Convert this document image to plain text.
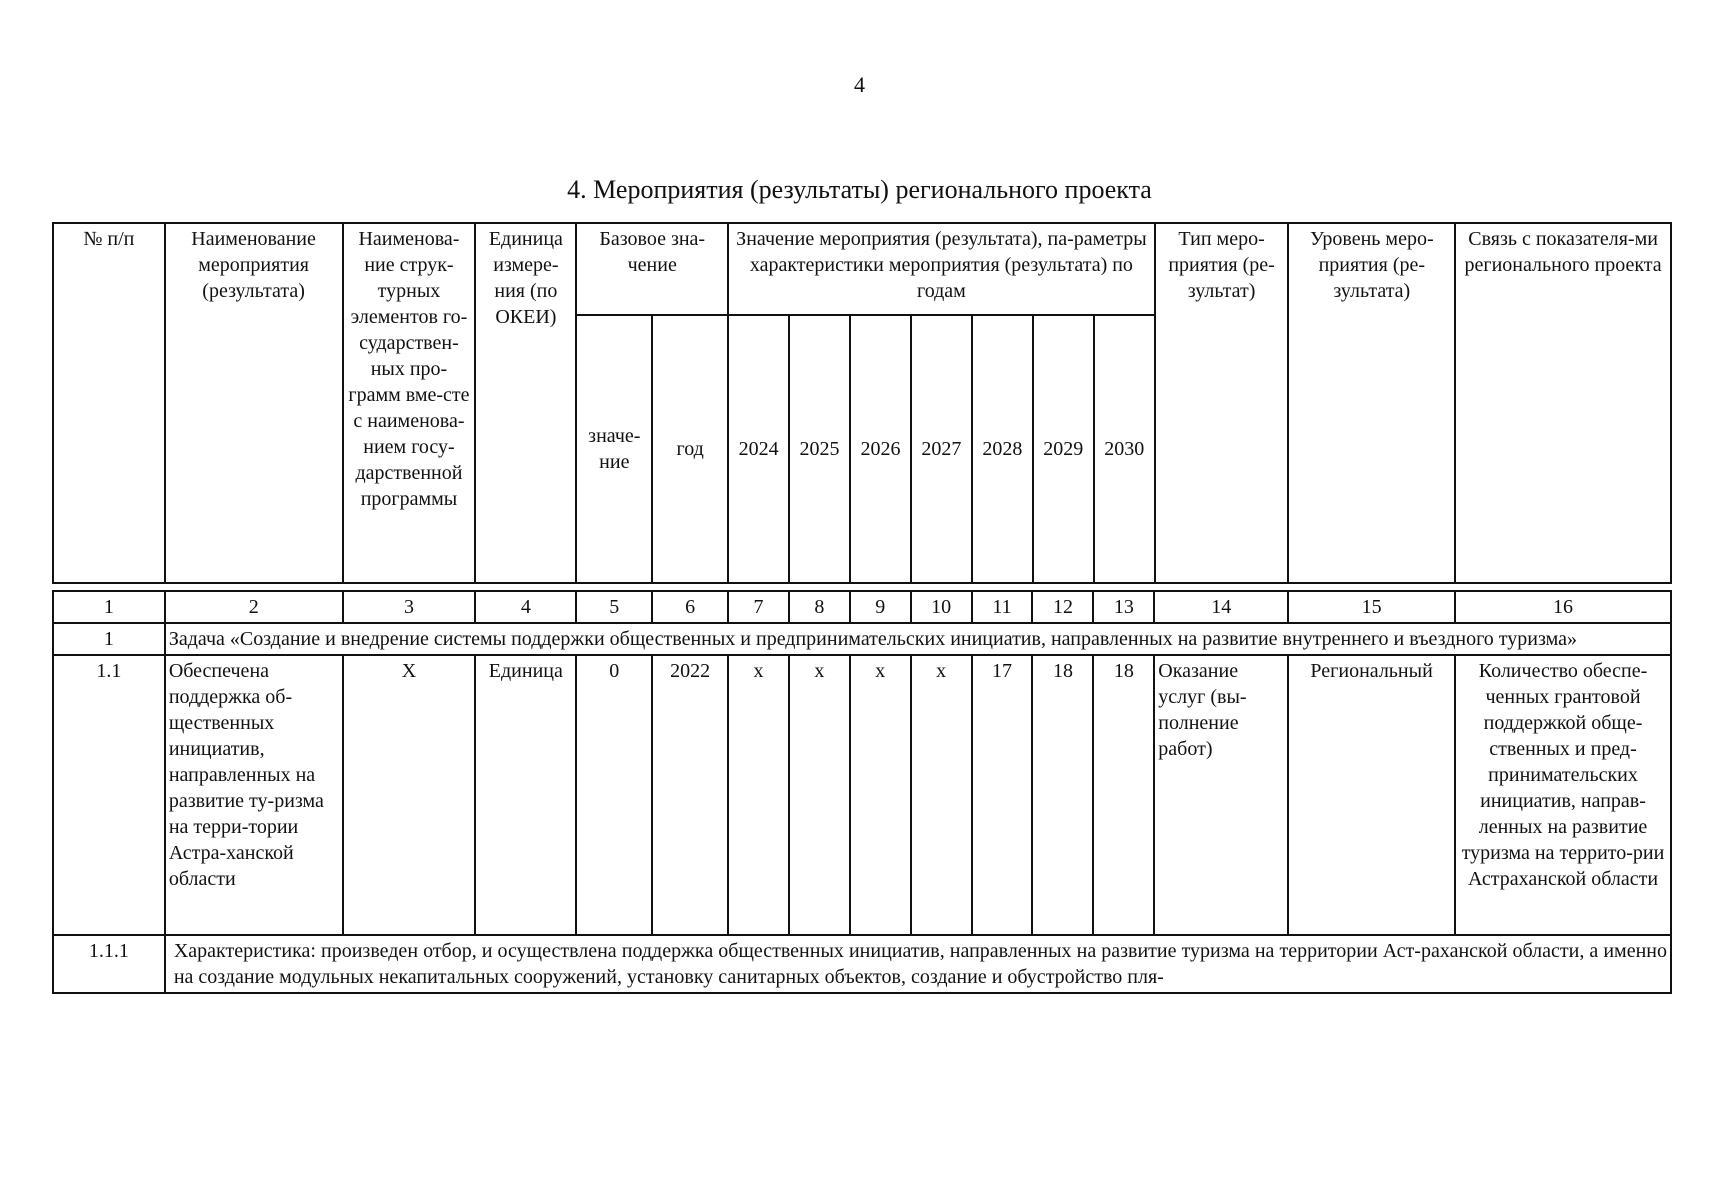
4
4. Мероприятия (результаты) регионального проекта
№ п/п	Наименование мероприятия (результата)	Наименова-ние струк-турных элементов го-сударствен-ных про-грамм вме-сте с наименова-нием госу-дарственной программы	Единица измере-ния (по ОКЕИ)	Базовое зна-чение		Значение мероприятия (результата), па-раметры характеристики мероприятия (результата) по годам							Тип меро-приятия (ре-зультат)	Уровень меро-приятия (ре-зультата)	Связь с показателя-ми регионального проекта
				значе-ние	год	2024	2025	2026	2027	2028	2029	2030			
1	2	3	4	5	6	7	8	9	10	11	12	13	14	15	16
1	Задача «Создание и внедрение системы поддержки общественных и предпринимательских инициатив, направленных на развитие внутреннего и въездного туризма»														
1.1	Обеспечена поддержка об-щественных инициатив, направленных на развитие ту-ризма на терри-тории Астра-ханской области	Х	Единица	0	2022	х	х	х	х	17	18	18	Оказание услуг (вы-полнение работ)	Региональный	Количество обеспе-ченных грантовой поддержкой обще-ственных и пред-принимательских инициатив, направ-ленных на развитие туризма на террито-рии Астраханской области
1.1.1	Характеристика: произведен отбор, и осуществлена поддержка общественных инициатив, направленных на развитие туризма на территории Аст-раханской области, а именно на создание модульных некапитальных сооружений, установку санитарных объектов, создание и обустройство пля-														
